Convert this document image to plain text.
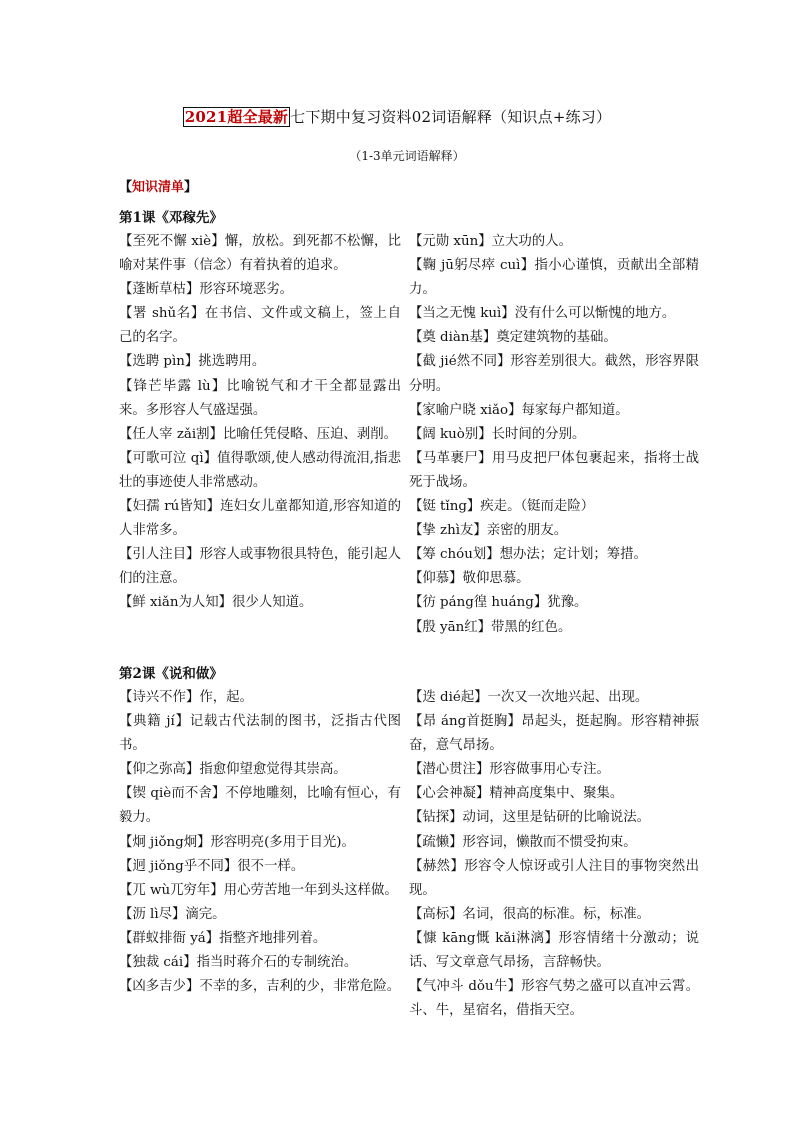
2021超全最新 七下期中复习资料02词语解释（知识点+练习）
（1-3单元词语解释）
【知识清单】
第1课《邓稼先》

【至死不懈 xiè】懈，放松。到死都不松懈，比喻对某件事（信念）有着执着的追求。

【蓬断草枯】形容环境恶劣。

【署 shǔ名】在书信、文件或文稿上，签上自己的名字。

【选聘 pìn】挑选聘用。

【锋芒毕露 lù】比喻锐气和才干全都显露出来。多形容人气盛逞强。

【任人宰 zǎi割】比喻任凭侵略、压迫、剥削。

【可歌可泣 qì】值得歌颂,使人感动得流泪,指悲壮的事迹使人非常感动。

【妇孺 rú皆知】连妇女儿童都知道,形容知道的人非常多。

【引人注目】形容人或事物很具特色，能引起人们的注意。

【鲜 xiǎn为人知】很少人知道。

【元勋 xūn】立大功的人。

【鞠 jū躬尽瘁 cuì】指小心谨慎，贡献出全部精力。

【当之无愧 kuì】没有什么可以惭愧的地方。

【奠 diàn基】奠定建筑物的基础。

【截 jié然不同】形容差别很大。截然，形容界限分明。

【家喻户晓 xiǎo】每家每户都知道。

【阔 kuò别】长时间的分别。

【马革裹尸】用马皮把尸体包裹起来，指将士战死于战场。

【铤 tǐng】疾走。（铤而走险）

【挚 zhì友】亲密的朋友。

【筹 chóu划】想办法；定计划；筹措。

【仰慕】敬仰思慕。

【彷 páng徨 huáng】犹豫。

【殷 yān红】带黑的红色。

第2课《说和做》

【诗兴不作】作，起。

【典籍 jí】记载古代法制的图书，泛指古代图书。

【仰之弥高】指愈仰望愈觉得其崇高。

【锲 qiè而不舍】不停地雕刻，比喻有恒心，有毅力。

【炯 jiǒng炯】形容明亮(多用于目光)。

【迥 jiǒng乎不同】很不一样。

【兀 wù兀穷年】用心劳苦地一年到头这样做。

【沥 lì尽】滴完。

【群蚁排衙 yá】指整齐地排列着。

【独裁 cái】指当时蒋介石的专制统治。

【凶多吉少】不幸的多，吉利的少，非常危险。

【迭 dié起】一次又一次地兴起、出现。

【昂 áng首挺胸】昂起头，挺起胸。形容精神振奋，意气昂扬。

【潜心贯注】形容做事用心专注。

【心会神凝】精神高度集中、聚集。

【钻探】动词，这里是钻研的比喻说法。

【疏懒】形容词，懒散而不惯受拘束。

【赫然】形容令人惊讶或引人注目的事物突然出现。

【高标】名词，很高的标准。标，标准。

【慷 kāng慨 kǎi淋漓】形容情绪十分激动；说话、写文章意气昂扬，言辞畅快。

【气冲斗 dǒu牛】形容气势之盛可以直冲云霄。斗、牛，星宿名，借指天空。
